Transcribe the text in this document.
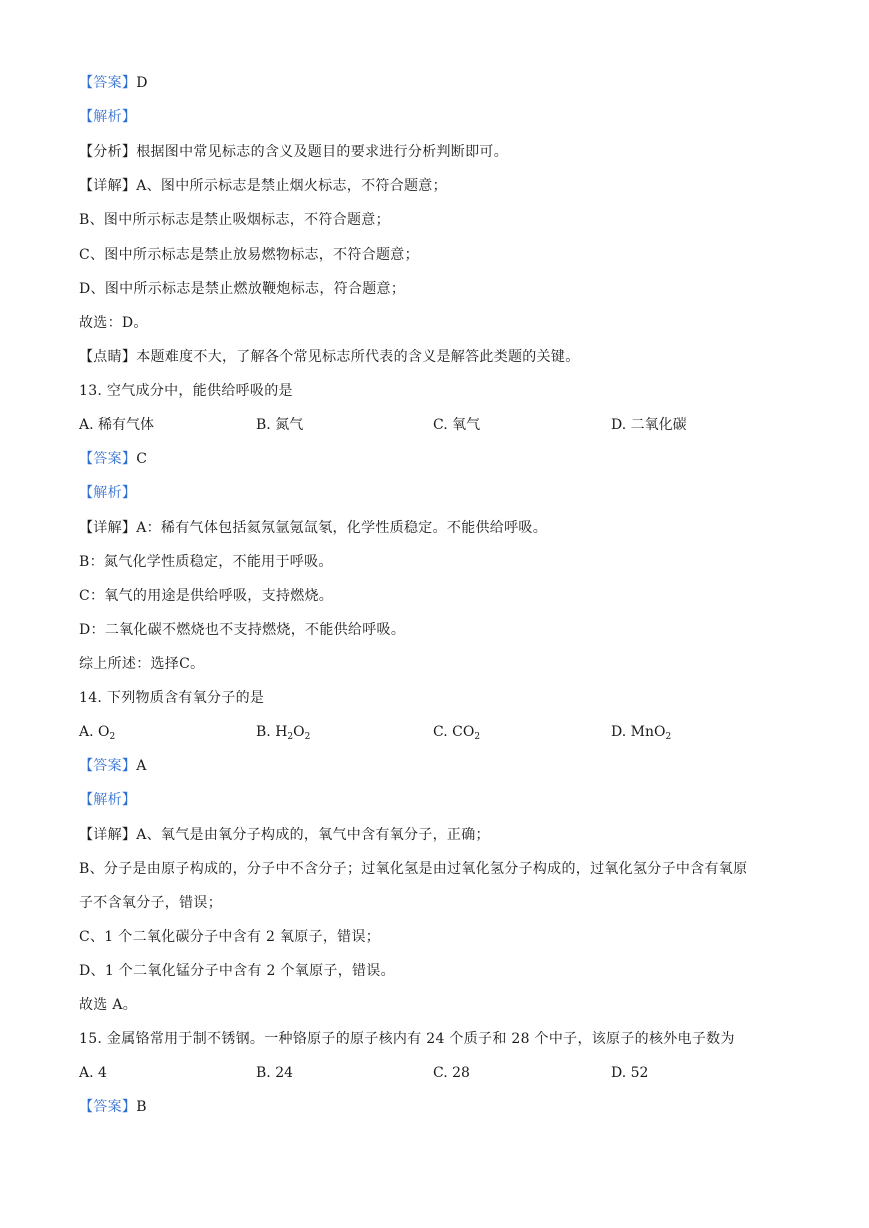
【答案】D
【解析】
【分析】根据图中常见标志的含义及题目的要求进行分析判断即可。
【详解】A、图中所示标志是禁止烟火标志，不符合题意；
B、图中所示标志是禁止吸烟标志，不符合题意；
C、图中所示标志是禁止放易燃物标志，不符合题意；
D、图中所示标志是禁止燃放鞭炮标志，符合题意；
故选：D。
【点睛】本题难度不大，了解各个常见标志所代表的含义是解答此类题的关键。
13. 空气成分中，能供给呼吸的是
A. 稀有气体	B. 氮气	C. 氧气	D. 二氧化碳
【答案】C
【解析】
【详解】A：稀有气体包括氦氖氩氪氙氡，化学性质稳定。不能供给呼吸。
B：氮气化学性质稳定，不能用于呼吸。
C：氧气的用途是供给呼吸，支持燃烧。
D：二氧化碳不燃烧也不支持燃烧，不能供给呼吸。
综上所述：选择C。
14. 下列物质含有氧分子的是
A. $O_2$	B. $H_2O_2$	C. $CO_2$	D. MnO$_2$
【答案】A
【解析】
【详解】A、氧气是由氧分子构成的，氧气中含有氧分子，正确；
B、分子是由原子构成的，分子中不含分子；过氧化氢是由过氧化氢分子构成的，过氧化氢分子中含有氧原
子不含氧分子，错误；
C、1 个二氧化碳分子中含有 2 氧原子，错误；
D、1 个二氧化锰分子中含有 2 个氧原子，错误。
故选 A。
15. 金属铬常用于制不锈钢。一种铬原子的原子核内有 24 个质子和 28 个中子，该原子的核外电子数为
A. 4	B. 24	C. 28	D. 52
【答案】B
